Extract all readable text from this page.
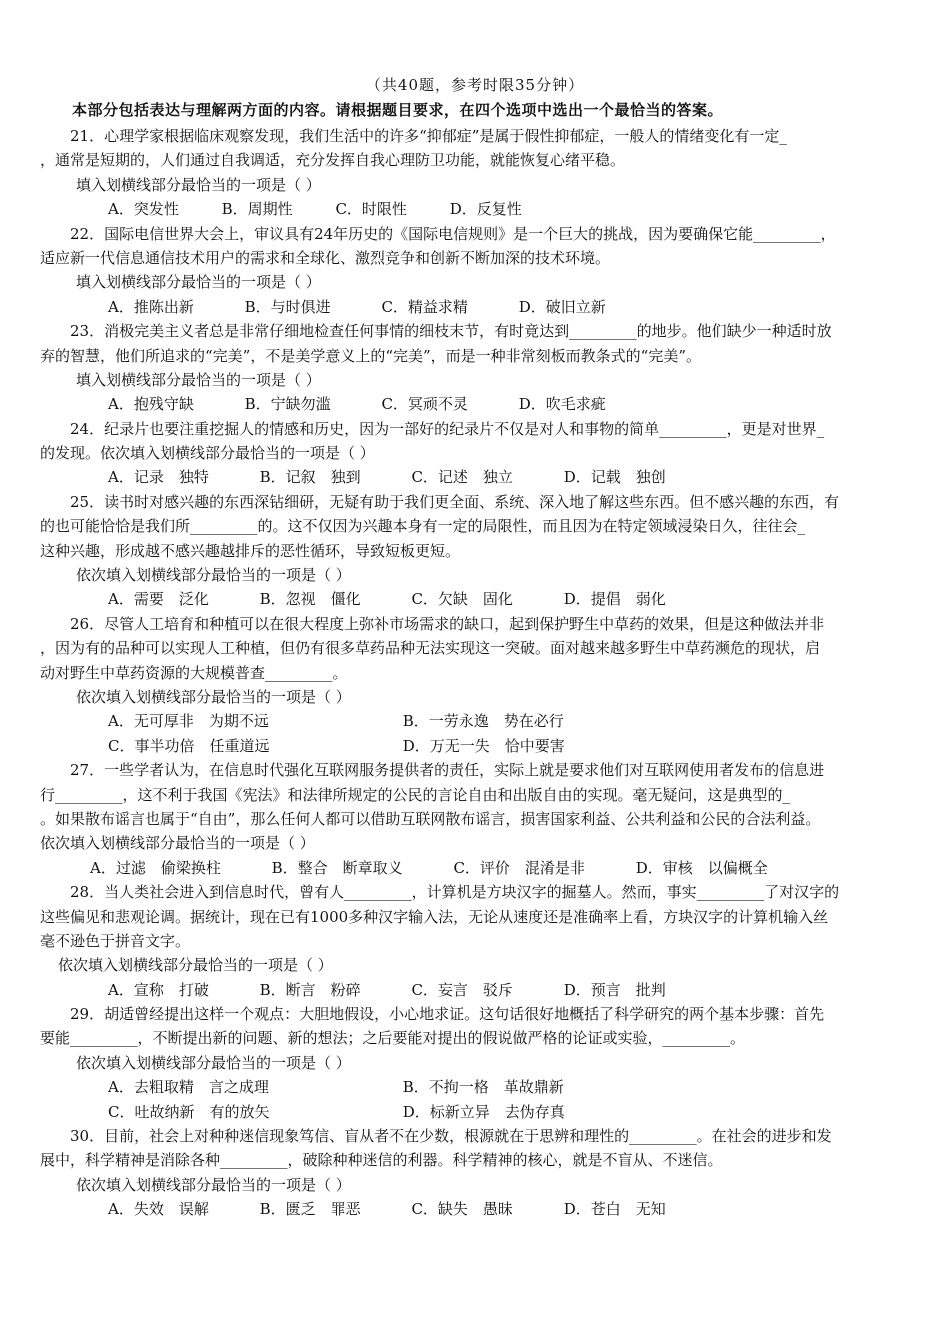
（共40题，参考时限35分钟）
本部分包括表达与理解两方面的内容。请根据题目要求，在四个选项中选出一个最恰当的答案。
21．心理学家根据临床观察发现，我们生活中的许多“抑郁症”是属于假性抑郁症，一般人的情绪变化有一定_
，通常是短期的，人们通过自我调适，充分发挥自我心理防卫功能，就能恢复心绪平稳。
填入划横线部分最恰当的一项是（ ）
A．突发性	B．周期性	C．时限性	D．反复性
22．国际电信世界大会上，审议具有24年历史的《国际电信规则》是一个巨大的挑战，因为要确保它能_________，
适应新一代信息通信技术用户的需求和全球化、激烈竞争和创新不断加深的技术环境。
填入划横线部分最恰当的一项是（ ）
A．推陈出新	B．与时俱进	C．精益求精	D．破旧立新
23．消极完美主义者总是非常仔细地检查任何事情的细枝末节，有时竟达到_________的地步。他们缺少一种适时放
弃的智慧，他们所追求的“完美”，不是美学意义上的“完美”，而是一种非常刻板而教条式的“完美”。
填入划横线部分最恰当的一项是（ ）
A．抱残守缺	B．宁缺勿滥	C．冥顽不灵	D．吹毛求疵
24．纪录片也要注重挖掘人的情感和历史，因为一部好的纪录片不仅是对人和事物的简单_________，更是对世界_
的发现。依次填入划横线部分最恰当的一项是（ ）
A．记录　独特	B．记叙　独到	C．记述　独立	D．记载　独创
25．读书时对感兴趣的东西深钻细研，无疑有助于我们更全面、系统、深入地了解这些东西。但不感兴趣的东西，有
的也可能恰恰是我们所_________的。这不仅因为兴趣本身有一定的局限性，而且因为在特定领域浸染日久，往往会_
这种兴趣，形成越不感兴趣越排斥的恶性循环，导致短板更短。
依次填入划横线部分最恰当的一项是（ ）
A．需要　泛化	B．忽视　僵化	C．欠缺　固化	D．提倡　弱化
26．尽管人工培育和种植可以在很大程度上弥补市场需求的缺口，起到保护野生中草药的效果，但是这种做法并非
，因为有的品种可以实现人工种植，但仍有很多草药品种无法实现这一突破。面对越来越多野生中草药濒危的现状，启
动对野生中草药资源的大规模普查_________。
依次填入划横线部分最恰当的一项是（ ）
A．无可厚非　为期不远	B．一劳永逸　势在必行
C．事半功倍　任重道远	D．万无一失　恰中要害
27．一些学者认为，在信息时代强化互联网服务提供者的责任，实际上就是要求他们对互联网使用者发布的信息进
行_________，这不利于我国《宪法》和法律所规定的公民的言论自由和出版自由的实现。毫无疑问，这是典型的_
。如果散布谣言也属于“自由”，那么任何人都可以借助互联网散布谣言，损害国家利益、公共利益和公民的合法利益。
依次填入划横线部分最恰当的一项是（ ）
A．过滤　偷梁换柱	B．整合　断章取义	C．评价　混淆是非	D．审核　以偏概全
28．当人类社会进入到信息时代，曾有人_________，计算机是方块汉字的掘墓人。然而，事实_________了对汉字的
这些偏见和悲观论调。据统计，现在已有1000多种汉字输入法，无论从速度还是准确率上看，方块汉字的计算机输入丝
毫不逊色于拼音文字。
依次填入划横线部分最恰当的一项是（ ）
A．宣称　打破	B．断言　粉碎	C．妄言　驳斥	D．预言　批判
29．胡适曾经提出这样一个观点：大胆地假设，小心地求证。这句话很好地概括了科学研究的两个基本步骤：首先
要能_________，不断提出新的问题、新的想法；之后要能对提出的假说做严格的论证或实验，_________。
依次填入划横线部分最恰当的一项是（ ）
A．去粗取精　言之成理	B．不拘一格　革故鼎新
C．吐故纳新　有的放矢	D．标新立异　去伪存真
30．目前，社会上对种种迷信现象笃信、盲从者不在少数，根源就在于思辨和理性的_________。在社会的进步和发
展中，科学精神是消除各种_________，破除种种迷信的利器。科学精神的核心，就是不盲从、不迷信。
依次填入划横线部分最恰当的一项是（ ）
A．失效　误解	B．匮乏　罪恶	C．缺失　愚昧	D．苍白　无知
